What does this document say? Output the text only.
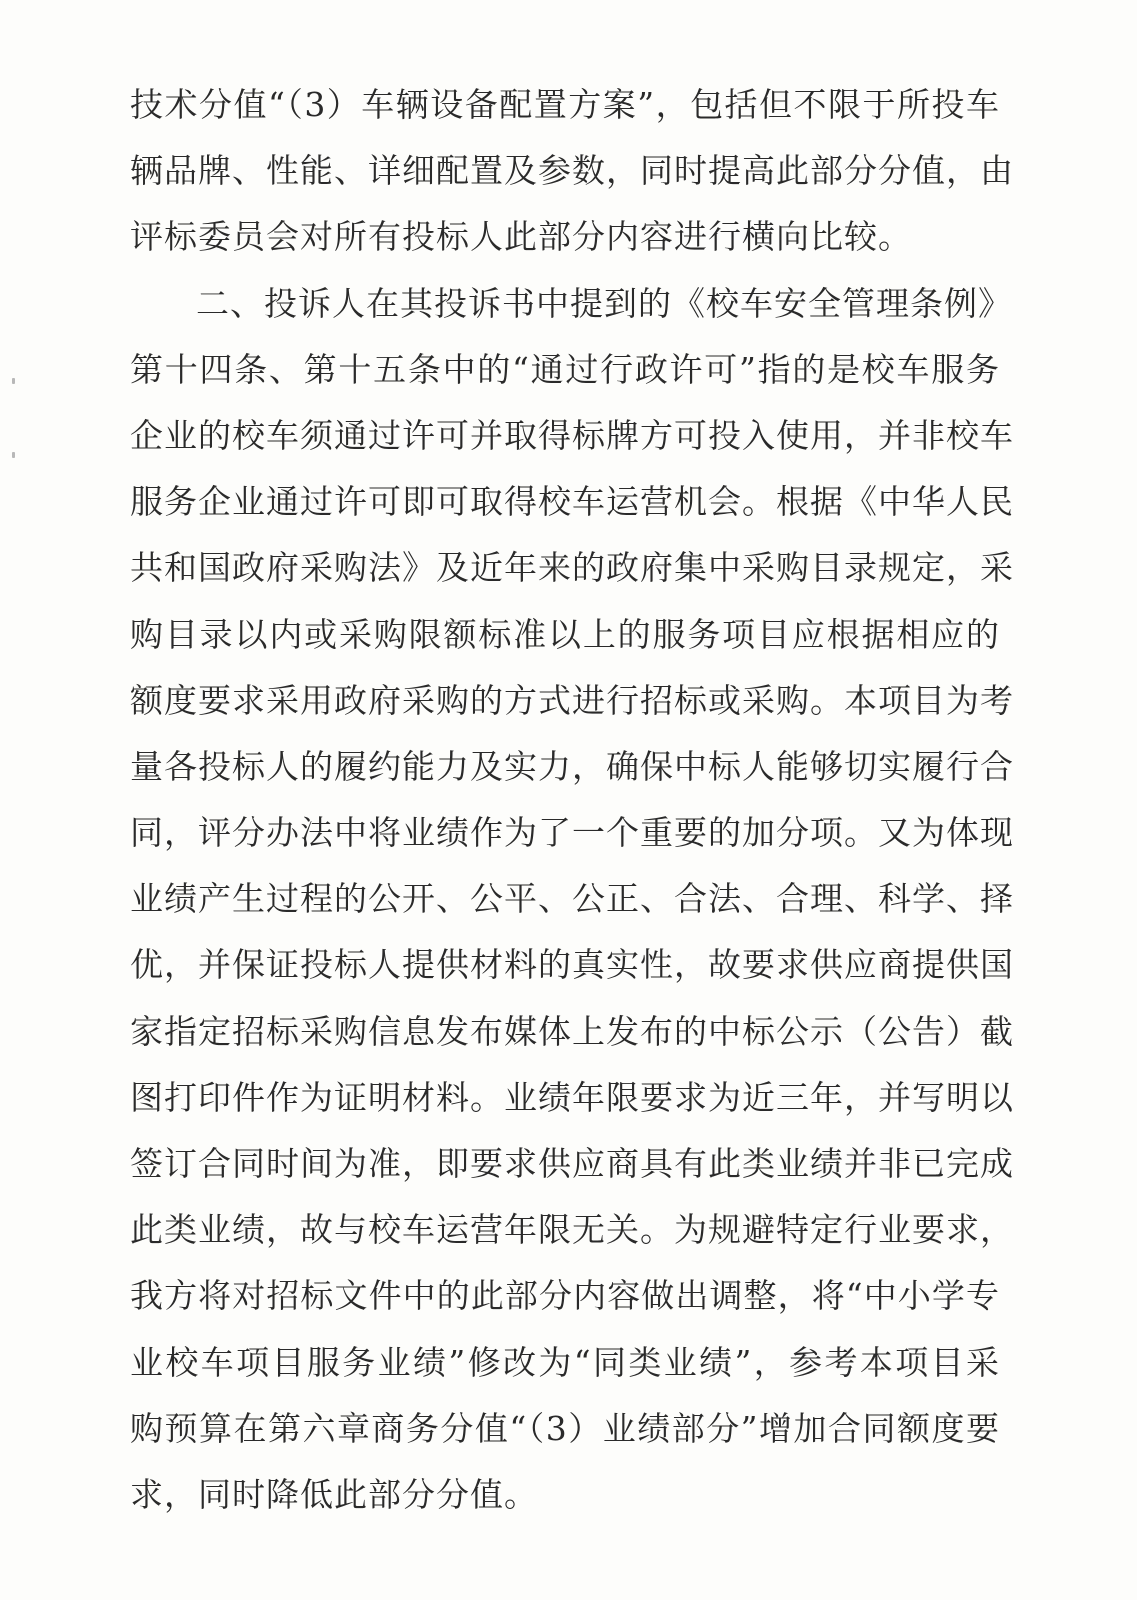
技术分值“（3）车辆设备配置方案”，包括但不限于所投车
辆品牌、性能、详细配置及参数，同时提高此部分分值，由
评标委员会对所有投标人此部分内容进行横向比较。
二、投诉人在其投诉书中提到的《校车安全管理条例》
第十四条、第十五条中的“通过行政许可”指的是校车服务
企业的校车须通过许可并取得标牌方可投入使用，并非校车
服务企业通过许可即可取得校车运营机会。根据《中华人民
共和国政府采购法》及近年来的政府集中采购目录规定，采
购目录以内或采购限额标准以上的服务项目应根据相应的
额度要求采用政府采购的方式进行招标或采购。本项目为考
量各投标人的履约能力及实力，确保中标人能够切实履行合
同，评分办法中将业绩作为了一个重要的加分项。又为体现
业绩产生过程的公开、公平、公正、合法、合理、科学、择
优，并保证投标人提供材料的真实性，故要求供应商提供国
家指定招标采购信息发布媒体上发布的中标公示（公告）截
图打印件作为证明材料。业绩年限要求为近三年，并写明以
签订合同时间为准，即要求供应商具有此类业绩并非已完成
此类业绩，故与校车运营年限无关。为规避特定行业要求，
我方将对招标文件中的此部分内容做出调整，将“中小学专
业校车项目服务业绩”修改为“同类业绩”，参考本项目采
购预算在第六章商务分值“（3）业绩部分”增加合同额度要
求，同时降低此部分分值。
